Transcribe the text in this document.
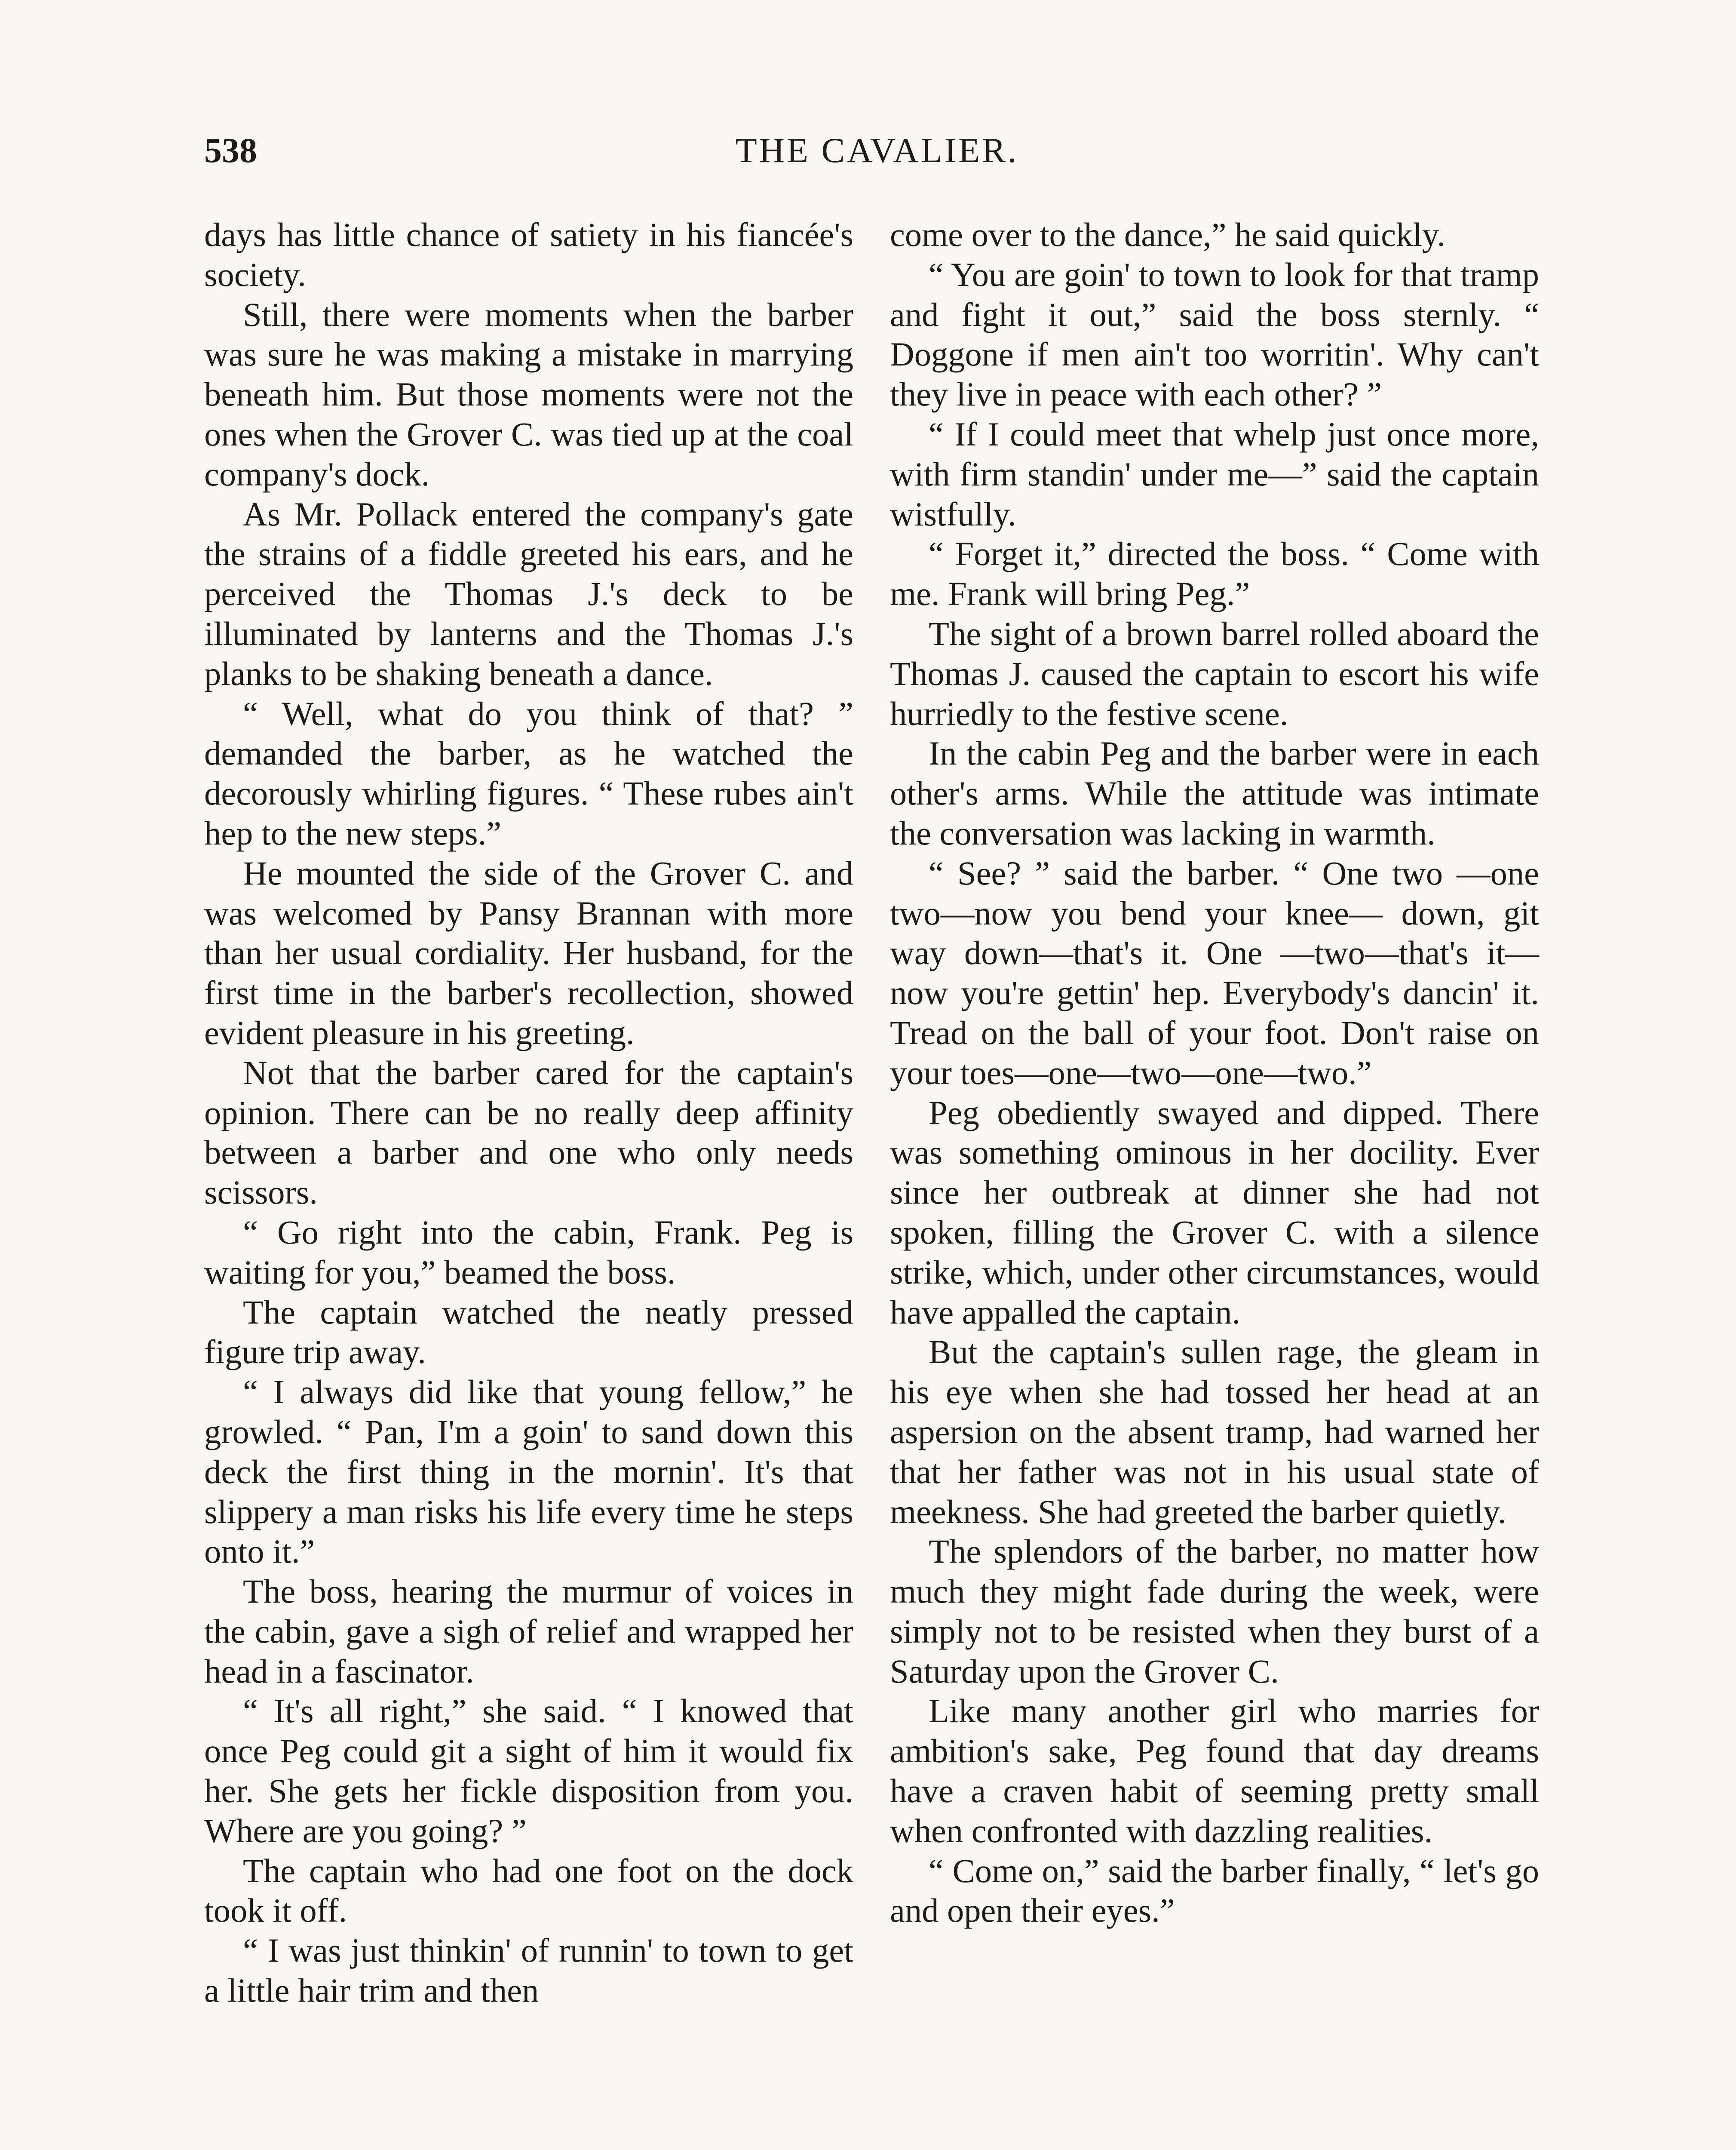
538	THE CAVALIER.

days has little chance of satiety in his fiancée's society.

Still, there were moments when the barber was sure he was making a mistake in marrying beneath him. But those moments were not the ones when the Grover C. was tied up at the coal company's dock.

As Mr. Pollack entered the company's gate the strains of a fiddle greeted his ears, and he perceived the Thomas J.'s deck to be illuminated by lanterns and the Thomas J.'s planks to be shaking beneath a dance.

“ Well, what do you think of that? ” demanded the barber, as he watched the decorously whirling figures. “ These rubes ain't hep to the new steps.”

He mounted the side of the Grover C. and was welcomed by Pansy Brannan with more than her usual cordiality. Her husband, for the first time in the barber's recollection, showed evident pleasure in his greeting.

Not that the barber cared for the captain's opinion. There can be no really deep affinity between a barber and one who only needs scissors.

“ Go right into the cabin, Frank. Peg is waiting for you,” beamed the boss.

The captain watched the neatly pressed figure trip away.

“ I always did like that young fellow,” he growled. “ Pan, I'm a goin' to sand down this deck the first thing in the mornin'. It's that slippery a man risks his life every time he steps onto it.”

The boss, hearing the murmur of voices in the cabin, gave a sigh of relief and wrapped her head in a fascinator.

“ It's all right,” she said. “ I knowed that once Peg could git a sight of him it would fix her. She gets her fickle disposition from you. Where are you going? ”

The captain who had one foot on the dock took it off.

“ I was just thinkin' of runnin' to town to get a little hair trim and then

come over to the dance,” he said quickly.

“ You are goin' to town to look for that tramp and fight it out,” said the boss sternly. “ Doggone if men ain't too worritin'. Why can't they live in peace with each other? ”

“ If I could meet that whelp just once more, with firm standin' under me—” said the captain wistfully.

“ Forget it,” directed the boss. “ Come with me. Frank will bring Peg.”

The sight of a brown barrel rolled aboard the Thomas J. caused the captain to escort his wife hurriedly to the festive scene.

In the cabin Peg and the barber were in each other's arms. While the attitude was intimate the conversation was lacking in warmth.

“ See? ” said the barber. “ One two —one two—now you bend your knee— down, git way down—that's it. One —two—that's it—now you're gettin' hep. Everybody's dancin' it. Tread on the ball of your foot. Don't raise on your toes—one—two—one—two.”

Peg obediently swayed and dipped. There was something ominous in her docility. Ever since her outbreak at dinner she had not spoken, filling the Grover C. with a silence strike, which, under other circumstances, would have appalled the captain.

But the captain's sullen rage, the gleam in his eye when she had tossed her head at an aspersion on the absent tramp, had warned her that her father was not in his usual state of meekness. She had greeted the barber quietly.

The splendors of the barber, no matter how much they might fade during the week, were simply not to be resisted when they burst of a Saturday upon the Grover C.

Like many another girl who marries for ambition's sake, Peg found that day dreams have a craven habit of seeming pretty small when confronted with dazzling realities.

“ Come on,” said the barber finally, “ let's go and open their eyes.”
